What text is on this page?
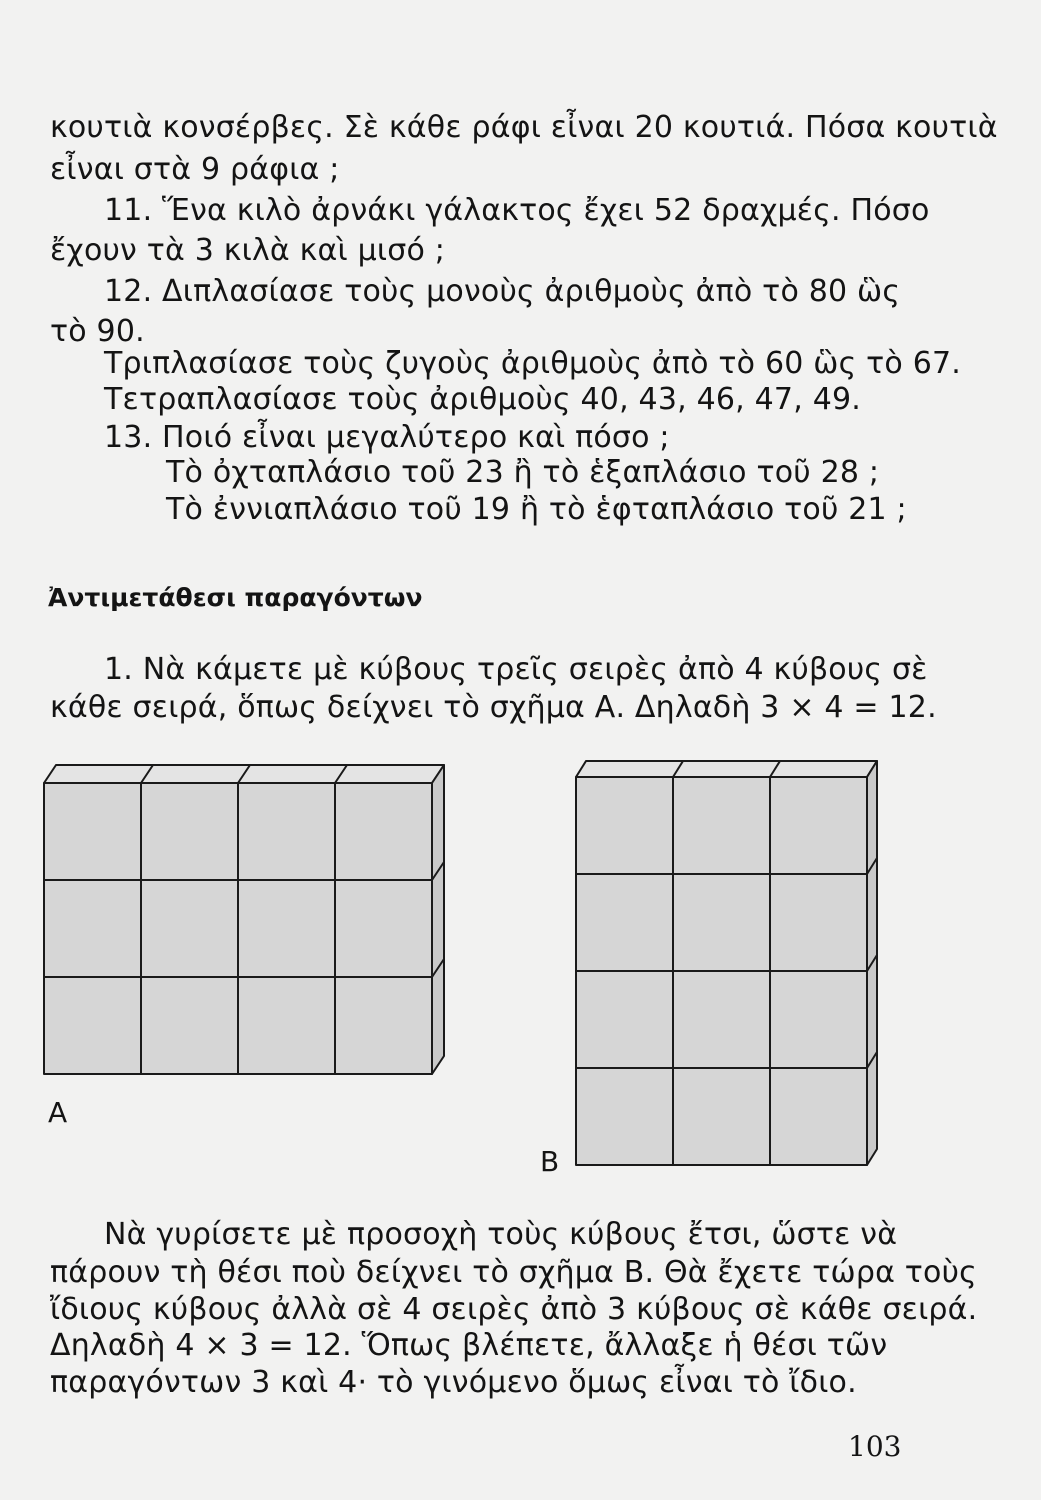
κουτιὰ κονσέρβες. Σὲ κάθε ράφι εἶναι 20 κουτιά. Πόσα κουτιὰ
εἶναι στὰ 9 ράφια ;
11. Ἕνα κιλὸ ἀρνάκι γάλακτος ἔχει 52 δραχμές. Πόσο
ἔχουν τὰ 3 κιλὰ καὶ μισό ;
12. Διπλασίασε τοὺς μονοὺς ἀριθμοὺς ἀπὸ τὸ 80 ὣς
τὸ 90.
Τριπλασίασε τοὺς ζυγοὺς ἀριθμοὺς ἀπὸ τὸ 60 ὣς τὸ 67.
Τετραπλασίασε τοὺς ἀριθμοὺς 40, 43, 46, 47, 49.
13. Ποιό εἶναι μεγαλύτερο καὶ πόσο ;
Τὸ ὀχταπλάσιο τοῦ 23 ἢ τὸ ἑξαπλάσιο τοῦ 28 ;
Τὸ ἐννιαπλάσιο τοῦ 19 ἢ τὸ ἑφταπλάσιο τοῦ 21 ;
Ἀντιμετάθεσι παραγόντων
1. Νὰ κάμετε μὲ κύβους τρεῖς σειρὲς ἀπὸ 4 κύβους σὲ
κάθε σειρά, ὅπως δείχνει τὸ σχῆμα Α. Δηλαδὴ 3 × 4 = 12.
A
B
Νὰ γυρίσετε μὲ προσοχὴ τοὺς κύβους ἔτσι, ὥστε νὰ
πάρουν τὴ θέσι ποὺ δείχνει τὸ σχῆμα Β. Θὰ ἔχετε τώρα τοὺς
ἴδιους κύβους ἀλλὰ σὲ 4 σειρὲς ἀπὸ 3 κύβους σὲ κάθε σειρά.
Δηλαδὴ 4 × 3 = 12. Ὅπως βλέπετε, ἄλλαξε ἡ θέσι τῶν
παραγόντων 3 καὶ 4· τὸ γινόμενο ὅμως εἶναι τὸ ἴδιο.
103
